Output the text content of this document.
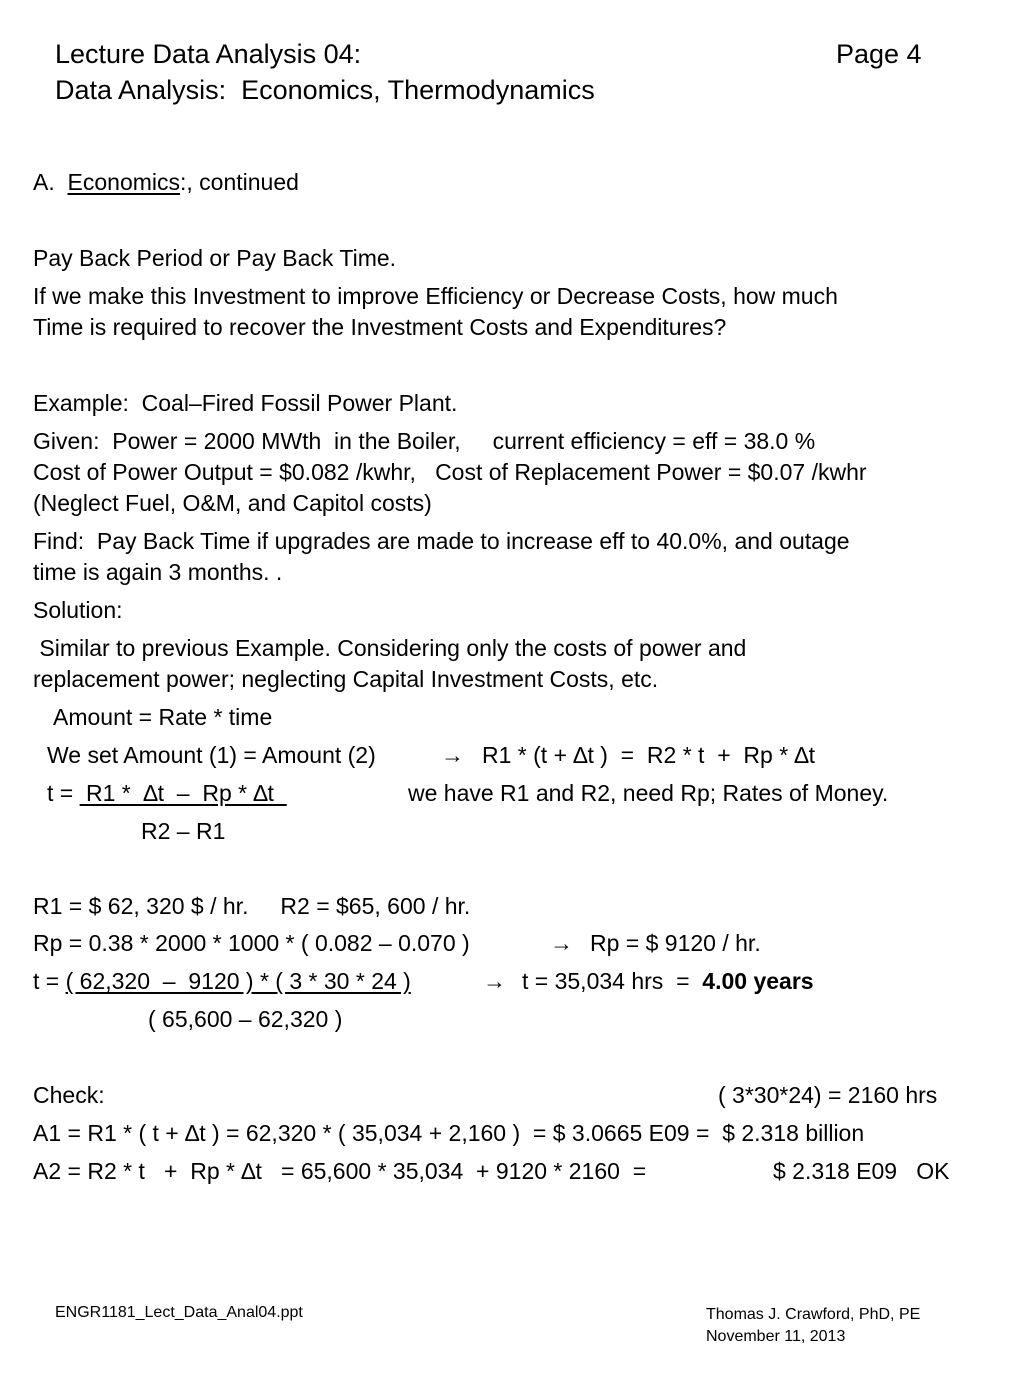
Lecture Data Analysis 04:	Page 4
Data Analysis:  Economics, Thermodynamics
A.  Economics:, continued
Pay Back Period or Pay Back Time.
If we make this Investment to improve Efficiency or Decrease Costs, how much
Time is required to recover the Investment Costs and Expenditures?
Example:  Coal–Fired Fossil Power Plant.
Given:  Power = 2000 MWth  in the Boiler,     current efficiency = eff = 38.0 %
Cost of Power Output = $0.082 /kwhr,   Cost of Replacement Power = $0.07 /kwhr
(Neglect Fuel, O&M, and Capitol costs)
Find:  Pay Back Time if upgrades are made to increase eff to 40.0%, and outage
time is again 3 months. .
Solution:
Similar to previous Example. Considering only the costs of power and
replacement power; neglecting Capital Investment Costs, etc.
Amount = Rate * time
We set Amount (1) = Amount (2)	→ R1 * (t + ∆t )  =  R2 * t  +  Rp * ∆t
t =  R1 *  ∆t  –  Rp * ∆t	we have R1 and R2, need Rp; Rates of Money.
R2 – R1
R1 = $ 62, 320 $ / hr.     R2 = $65, 600 / hr.
Rp = 0.38 * 2000 * 1000 * ( 0.082 – 0.070 )	→ Rp = $ 9120 / hr.
t = ( 62,320  –  9120 ) * ( 3 * 30 * 24 )	→ t = 35,034 hrs  =  4.00 years
( 65,600 – 62,320 )
Check:	( 3*30*24) = 2160 hrs
A1 = R1 * ( t + ∆t ) = 62,320 * ( 35,034 + 2,160 )  = $ 3.0665 E09 =  $ 2.318 billion
A2 = R2 * t   +  Rp * ∆t   = 65,600 * 35,034  + 9120 * 2160  =	$ 2.318 E09   OK
ENGR1181_Lect_Data_Anal04.ppt	Thomas J. Crawford, PhD, PE
November 11, 2013
